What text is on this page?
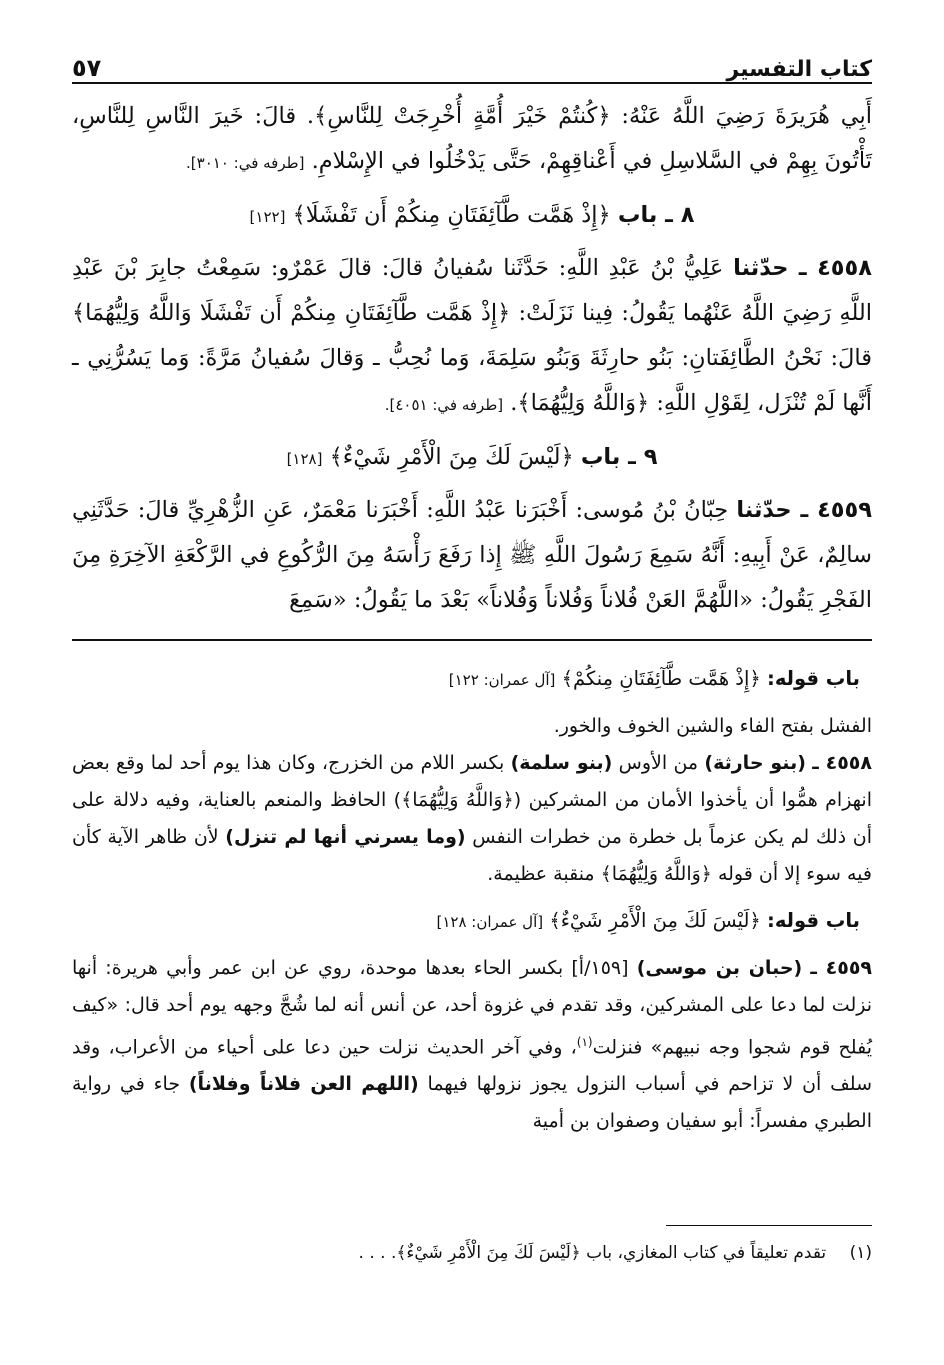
كتاب التفسير
٥٧

أَبِي هُرَيرَةَ رَضِيَ اللَّهُ عَنْهُ: ﴿كُنتُمْ خَيْرَ أُمَّةٍ أُخْرِجَتْ لِلنَّاسِ﴾. قالَ: خَيرَ النَّاسِ لِلنَّاسِ، تَأْتُونَ بِهِمْ في السَّلاسِلِ في أَعْناقِهِمْ، حَتَّى يَدْخُلُوا في الإِسْلامِ. [طرفه في: ٣٠١٠].

٨ ـ باب ﴿إِذْ هَمَّت طَّآئِفَتَانِ مِنكُمْ أَن تَفْشَلَا﴾ [١٢٢]

٤٥٥٨ ـ حدّثنا عَلِيُّ بْنُ عَبْدِ اللَّهِ: حَدَّثَنا سُفيانُ قالَ: قالَ عَمْرٌو: سَمِعْتُ جابِرَ بْنَ عَبْدِ اللَّهِ رَضِيَ اللَّهُ عَنْهُما يَقُولُ: فِينا نَزَلَتْ: ﴿إِذْ هَمَّت طَّآئِفَتَانِ مِنكُمْ أَن تَفْشَلَا وَاللَّهُ وَلِيُّهُمَا﴾ قالَ: نَحْنُ الطَّائِفَتانِ: بَنُو حارِثَةَ وَبَنُو سَلِمَةَ، وَما نُحِبُّ ـ وَقالَ سُفيانُ مَرَّةً: وَما يَسُرُّنِي ـ أَنَّها لَمْ تُنْزَل، لِقَوْلِ اللَّهِ: ﴿وَاللَّهُ وَلِيُّهُمَا﴾. [طرفه في: ٤٠٥١].

٩ ـ باب ﴿لَيْسَ لَكَ مِنَ الْأَمْرِ شَيْءٌ﴾ [١٢٨]

٤٥٥٩ ـ حدّثنا حِبّانُ بْنُ مُوسى: أَخْبَرَنا عَبْدُ اللَّهِ: أَخْبَرَنا مَعْمَرٌ، عَنِ الزُّهْرِيِّ قالَ: حَدَّثَنِي سالِمٌ، عَنْ أَبِيهِ: أَنَّهُ سَمِعَ رَسُولَ اللَّهِ ﷺ إِذا رَفَعَ رَأْسَهُ مِنَ الرُّكُوعِ في الرَّكْعَةِ الآخِرَةِ مِنَ الفَجْرِ يَقُولُ: «اللَّهُمَّ العَنْ فُلاناً وَفُلاناً وَفُلاناً» بَعْدَ ما يَقُولُ: «سَمِعَ

باب قوله: ﴿إِذْ هَمَّت طَّآئِفَتَانِ مِنكُمْ﴾ [آل عمران: ١٢٢]

الفشل بفتح الفاء والشين الخوف والخور.

٤٥٥٨ ـ (بنو حارثة) من الأوس (بنو سلمة) بكسر اللام من الخزرج، وكان هذا يوم أحد لما وقع بعض انهزام همُّوا أن يأخذوا الأمان من المشركين (﴿وَاللَّهُ وَلِيُّهُمَا﴾) الحافظ والمنعم بالعناية، وفيه دلالة على أن ذلك لم يكن عزماً بل خطرة من خطرات النفس (وما يسرني أنها لم تنزل) لأن ظاهر الآية كأن فيه سوء إلا أن قوله ﴿وَاللَّهُ وَلِيُّهُمَا﴾ منقبة عظيمة.

باب قوله: ﴿لَيْسَ لَكَ مِنَ الْأَمْرِ شَيْءٌ﴾ [آل عمران: ١٢٨]

٤٥٥٩ ـ (حبان بن موسى) [١٥٩/أ] بكسر الحاء بعدها موحدة، روي عن ابن عمر وأبي هريرة: أنها نزلت لما دعا على المشركين، وقد تقدم في غزوة أحد، عن أنس أنه لما شُجَّ وجهه يوم أحد قال: «كيف يُفلح قوم شجوا وجه نبيهم» فنزلت$^{(١)}$، وفي آخر الحديث نزلت حين دعا على أحياء من الأعراب، وقد سلف أن لا تزاحم في أسباب النزول يجوز نزولها فيهما (اللهم العن فلاناً وفلاناً) جاء في رواية الطبري مفسراً: أبو سفيان وصفوان بن أمية

(١) تقدم تعليقاً في كتاب المغازي، باب ﴿لَيْسَ لَكَ مِنَ الْأَمْرِ شَيْءٌ﴾. . . .
